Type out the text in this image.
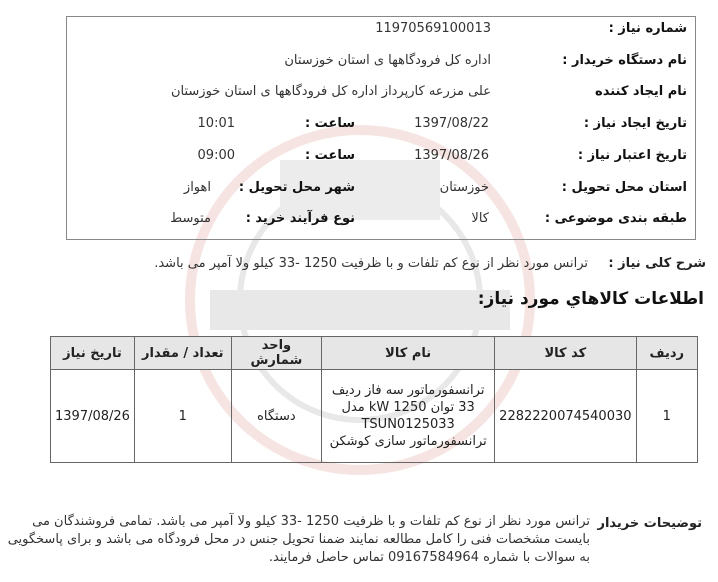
شماره نیاز :
11970569100013
نام دستگاه خریدار :
اداره کل فرودگاهها ی استان خوزستان
نام ایجاد کننده
علی مزرعه کارپرداز اداره کل فرودگاهها ی استان خوزستان
تاریخ ایجاد نیاز :
1397/08/22
ساعت :
10:01
تاریخ اعتبار نیاز :
1397/08/26
ساعت :
09:00
استان محل تحویل :
خوزستان
شهر محل تحویل :
اهواز
طبقه بندی موضوعی :
کالا
نوع فرآیند خرید :
متوسط
شرح کلی نیاز :
ترانس مورد نظر از نوع کم تلفات و با ظرفیت 1250 -33 کیلو ولا آمپر می باشد.
اطلاعات کالاهاي مورد نياز:
ردیف	کد کالا	نام کالا	واحد شمارش	تعداد / مقدار	تاریخ نیاز
1	2282220074540030	ترانسفورماتور سه فاز ردیف 33 توان 1250 kW مدل TSUN0125033 ترانسفورماتور سازی کوشکن	دستگاه	1	1397/08/26
توضیحات خریدار
ترانس مورد نظر از نوع کم تلفات و با ظرفیت 1250 -33 کیلو ولا آمپر می باشد. تمامی فروشندگان می بایست مشخصات فنی را کامل مطالعه نمایند ضمنا تحویل جنس در محل فرودگاه می باشد و برای پاسخگویی به سوالات با شماره 09167584964 تماس حاصل فرمایند.
